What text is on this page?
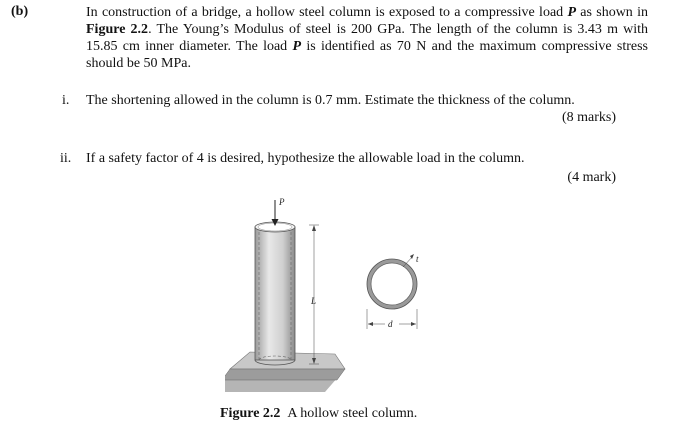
(b)	In construction of a bridge, a hollow steel column is exposed to a compressive load P as shown in Figure 2.2. The Young’s Modulus of steel is 200 GPa. The length of the column is 3.43 m with 15.85 cm inner diameter. The load P is identified as 70 N and the maximum compressive stress should be 50 MPa.
i. The shortening allowed in the column is 0.7 mm. Estimate the thickness of the column.
(8 marks)
ii. If a safety factor of 4 is desired, hypothesize the allowable load in the column.
(4 mark)
P
L
t
d
Figure 2.2 A hollow steel column.
